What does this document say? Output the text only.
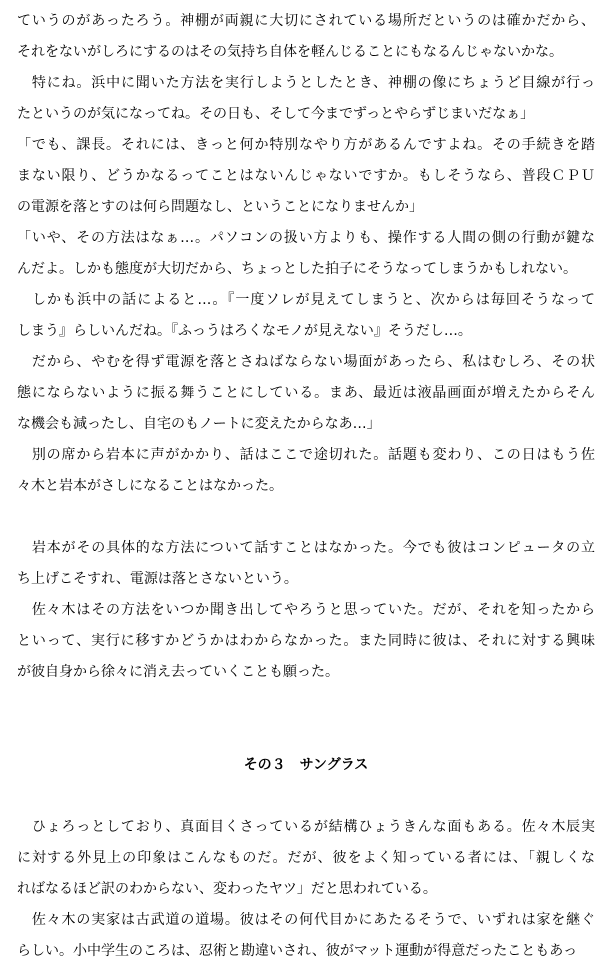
ていうのがあったろう。神棚が両親に大切にされている場所だというのは確かだから、
それをないがしろにするのはその気持ち自体を軽んじることにもなるんじゃないかな。
　特にね。浜中に聞いた方法を実行しようとしたとき、神棚の像にちょうど目線が行っ
たというのが気になってね。その日も、そして今までずっとやらずじまいだなぁ」
「でも、課長。それには、きっと何か特別なやり方があるんですよね。その手続きを踏
まない限り、どうかなるってことはないんじゃないですか。もしそうなら、普段ＣＰＵ
の電源を落とすのは何ら問題なし、ということになりませんか」
「いや、その方法はなぁ…。パソコンの扱い方よりも、操作する人間の側の行動が鍵な
んだよ。しかも態度が大切だから、ちょっとした拍子にそうなってしまうかもしれない。
　しかも浜中の話によると…。『一度ソレが見えてしまうと、次からは毎回そうなって
しまう』らしいんだね。『ふっうはろくなモノが見えない』そうだし…。
　だから、やむを得ず電源を落とさねばならない場面があったら、私はむしろ、その状
態にならないように振る舞うことにしている。まあ、最近は液晶画面が増えたからそん
な機会も減ったし、自宅のもノートに変えたからなあ…」
　別の席から岩本に声がかかり、話はここで途切れた。話題も変わり、この日はもう佐
々木と岩本がさしになることはなかった。
　岩本がその具体的な方法について話すことはなかった。今でも彼はコンピュータの立
ち上げこそすれ、電源は落とさないという。
　佐々木はその方法をいつか聞き出してやろうと思っていた。だが、それを知ったから
といって、実行に移すかどうかはわからなかった。また同時に彼は、それに対する興味
が彼自身から徐々に消え去っていくことも願った。
その３　サングラス
　ひょろっとしており、真面目くさっているが結構ひょうきんな面もある。佐々木辰実
に対する外見上の印象はこんなものだ。だが、彼をよく知っている者には、「親しくな
ればなるほど訳のわからない、変わったヤツ」だと思われている。
　佐々木の実家は古武道の道場。彼はその何代目かにあたるそうで、いずれは家を継ぐ
らしい。小中学生のころは、忍術と勘違いされ、彼がマット運動が得意だったこともあっ
